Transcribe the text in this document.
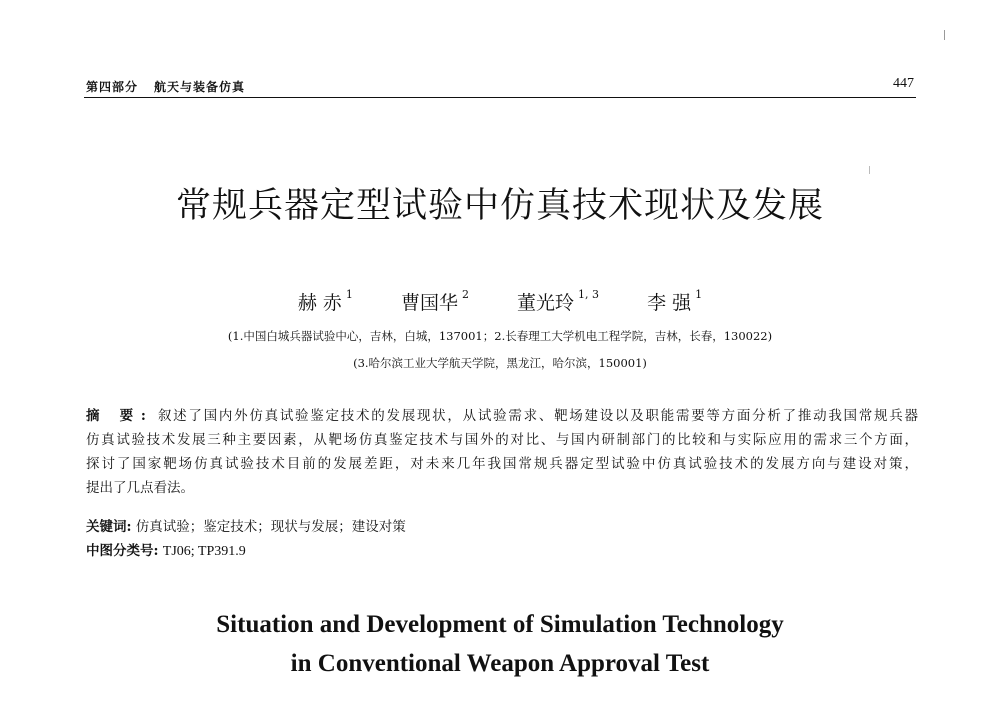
第四部分 航天与装备仿真	447
常规兵器定型试验中仿真技术现状及发展
赫 赤 $^1$	曹国华 $^2$	董光玲 $^{1, 3}$	李 强 $^1$
(1.中国白城兵器试验中心，吉林，白城，137001；2.长春理工大学机电工程学院，吉林，长春，130022)
(3.哈尔滨工业大学航天学院，黑龙江，哈尔滨，150001)
摘 要: 叙述了国内外仿真试验鉴定技术的发展现状，从试验需求、靶场建设以及职能需要等方面分析了推动我国常规兵器
仿真试验技术发展三种主要因素，从靶场仿真鉴定技术与国外的对比、与国内研制部门的比较和与实际应用的需求三个方面，
探讨了国家靶场仿真试验技术目前的发展差距，对未来几年我国常规兵器定型试验中仿真试验技术的发展方向与建设对策，
提出了几点看法。
关键词: 仿真试验；鉴定技术；现状与发展；建设对策
中图分类号: TJ06; TP391.9
Situation and Development of Simulation Technology
in Conventional Weapon Approval Test
